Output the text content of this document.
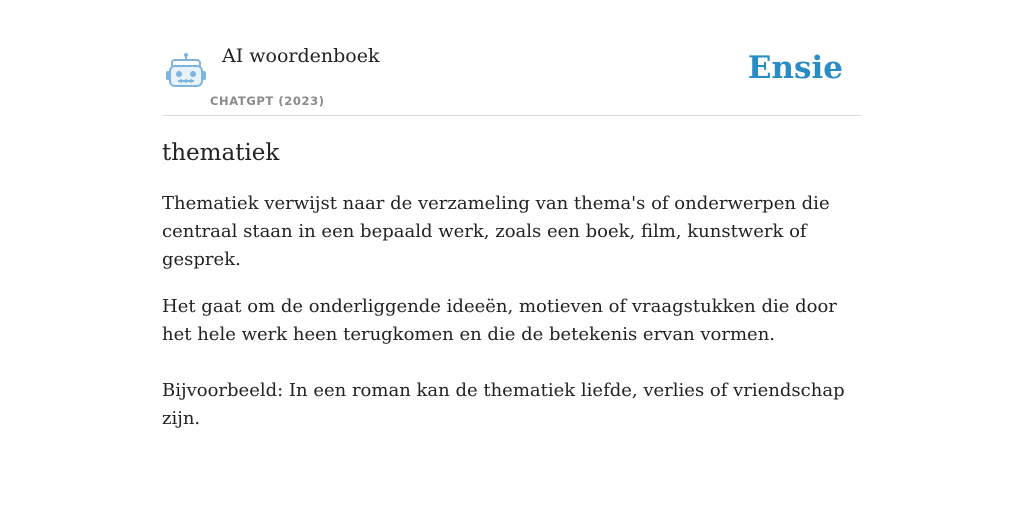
AI woordenboek
CHATGPT (2023)
Ensie
thematiek

Thematiek verwijst naar de verzameling van thema's of onderwerpen die centraal staan in een bepaald werk, zoals een boek, film, kunstwerk of gesprek.

Het gaat om de onderliggende ideeën, motieven of vraagstukken die door het hele werk heen terugkomen en die de betekenis ervan vormen.

Bijvoorbeeld: In een roman kan de thematiek liefde, verlies of vriendschap zijn.
